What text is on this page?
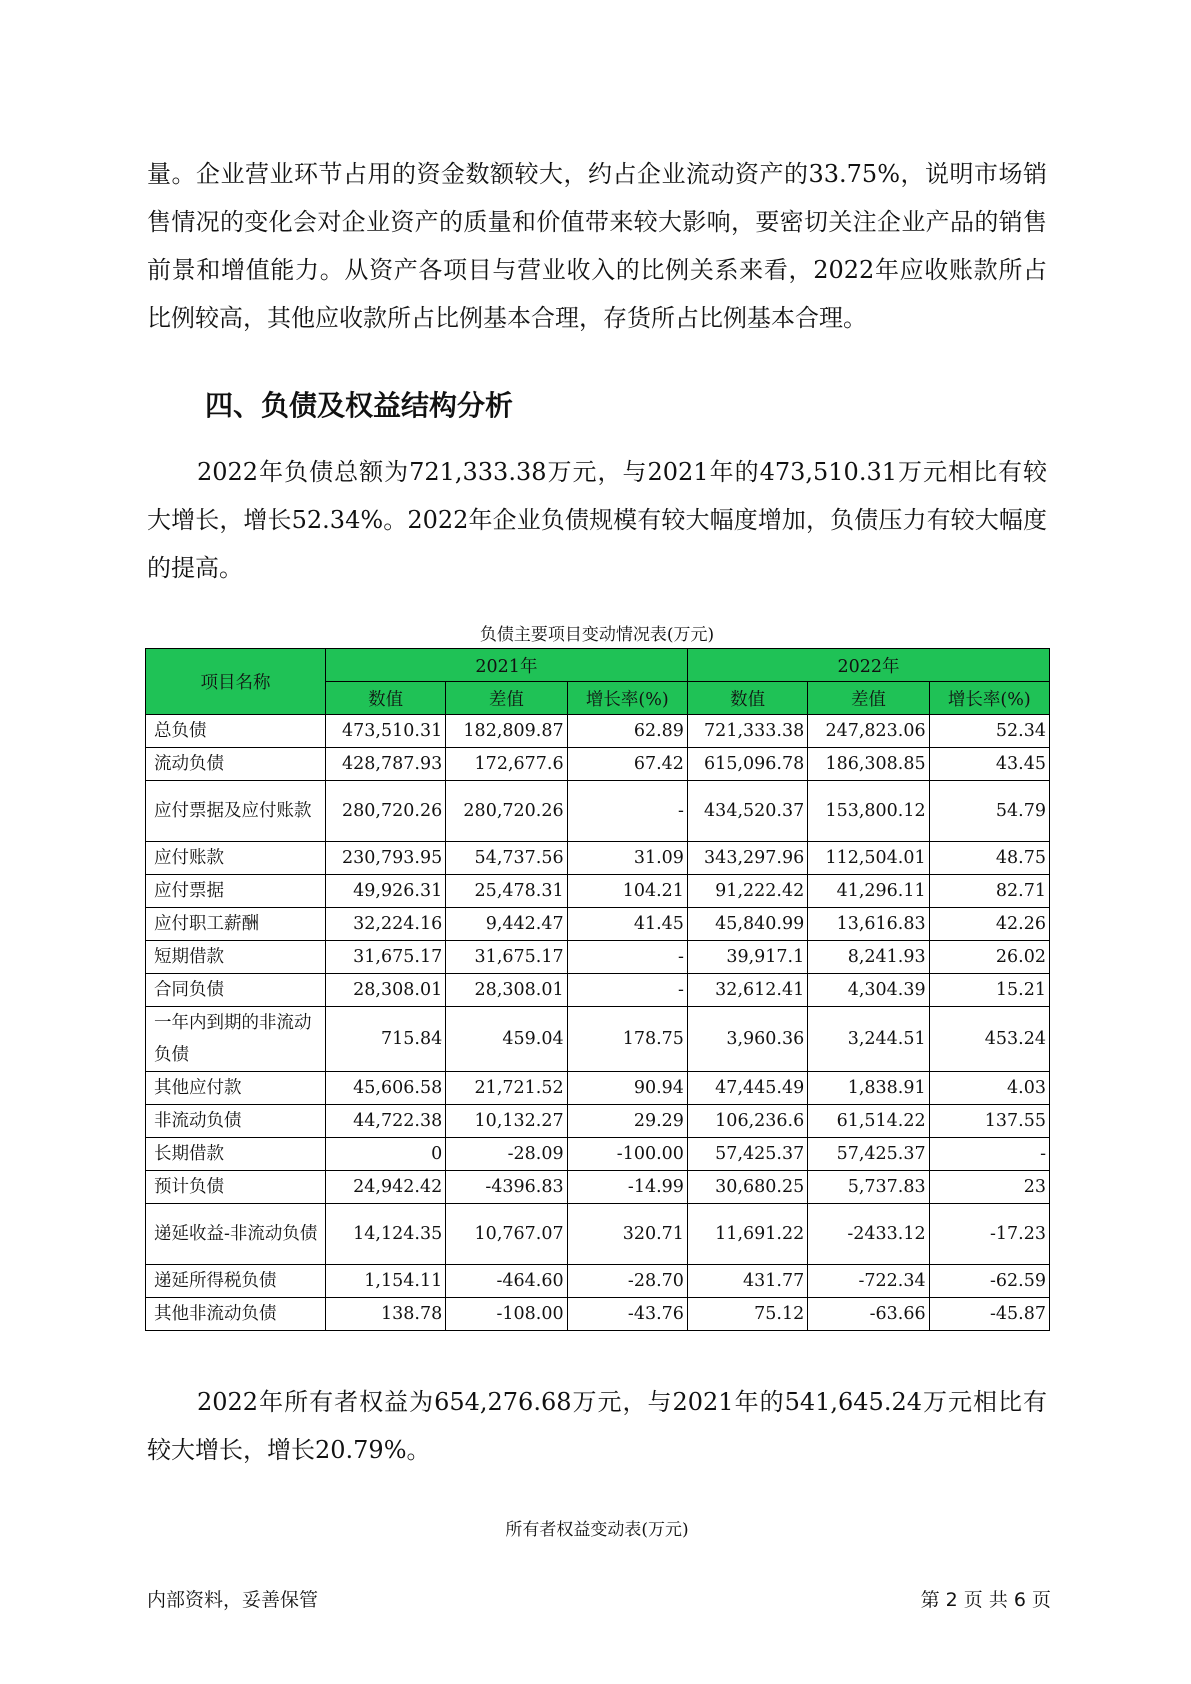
量。企业营业环节占用的资金数额较大，约占企业流动资产的33.75%，说明市场销售情况的变化会对企业资产的质量和价值带来较大影响，要密切关注企业产品的销售前景和增值能力。从资产各项目与营业收入的比例关系来看，2022年应收账款所占比例较高，其他应收款所占比例基本合理，存货所占比例基本合理。

四、负债及权益结构分析

2022年负债总额为721,333.38万元，与2021年的473,510.31万元相比有较大增长，增长52.34%。2022年企业负债规模有较大幅度增加，负债压力有较大幅度的提高。

负债主要项目变动情况表(万元)

项目名称	2021年			2022年		
	数值	差值	增长率(%)	数值	差值	增长率(%)
总负债	473,510.31	182,809.87	62.89	721,333.38	247,823.06	52.34
流动负债	428,787.93	172,677.6	67.42	615,096.78	186,308.85	43.45
应付票据及应付账款	280,720.26	280,720.26	-	434,520.37	153,800.12	54.79
应付账款	230,793.95	54,737.56	31.09	343,297.96	112,504.01	48.75
应付票据	49,926.31	25,478.31	104.21	91,222.42	41,296.11	82.71
应付职工薪酬	32,224.16	9,442.47	41.45	45,840.99	13,616.83	42.26
短期借款	31,675.17	31,675.17	-	39,917.1	8,241.93	26.02
合同负债	28,308.01	28,308.01	-	32,612.41	4,304.39	15.21
一年内到期的非流动负债	715.84	459.04	178.75	3,960.36	3,244.51	453.24
其他应付款	45,606.58	21,721.52	90.94	47,445.49	1,838.91	4.03
非流动负债	44,722.38	10,132.27	29.29	106,236.6	61,514.22	137.55
长期借款	0	-28.09	-100.00	57,425.37	57,425.37	-
预计负债	24,942.42	-4396.83	-14.99	30,680.25	5,737.83	23
递延收益-非流动负债	14,124.35	10,767.07	320.71	11,691.22	-2433.12	-17.23
递延所得税负债	1,154.11	-464.60	-28.70	431.77	-722.34	-62.59
其他非流动负债	138.78	-108.00	-43.76	75.12	-63.66	-45.87

2022年所有者权益为654,276.68万元，与2021年的541,645.24万元相比有较大增长，增长20.79%。

所有者权益变动表(万元)

内部资料，妥善保管	第 2 页 共 6 页
